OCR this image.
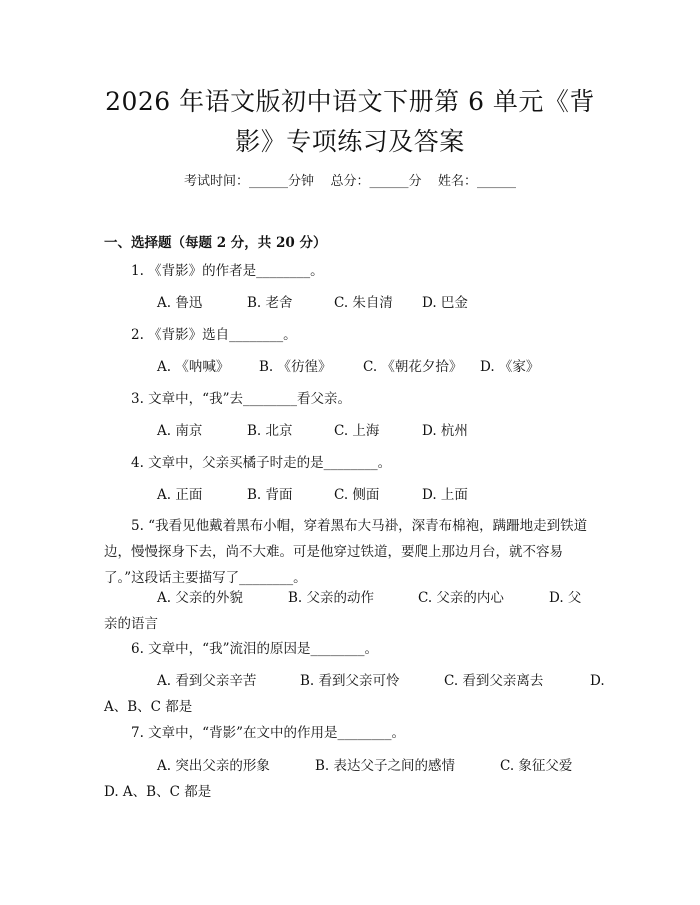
2026 年语文版初中语文下册第 6 单元《背
影》专项练习及答案
考试时间：______分钟    总分：______分    姓名：______
一、选择题（每题 2 分，共 20 分）
1. 《背影》的作者是________。
A. 鲁迅	B. 老舍	C. 朱自清 D. 巴金
2. 《背影》选自________。
A. 《呐喊》 B. 《彷徨》 C. 《朝花夕拾》 D. 《家》
3. 文章中，“我”去________看父亲。
A. 南京	B. 北京	C. 上海	D. 杭州
4. 文章中，父亲买橘子时走的是________。
A. 正面	B. 背面	C. 侧面	D. 上面
5. “我看见他戴着黑布小帽，穿着黑布大马褂，深青布棉袍，蹒跚地走到铁道边，慢慢探身下去，尚不大难。可是他穿过铁道，要爬上那边月台，就不容易了。”这段话主要描写了________。
A. 父亲的外貌	B. 父亲的动作	C. 父亲的内心	D. 父
亲的语言
6. 文章中，“我”流泪的原因是________。
A. 看到父亲辛苦	B. 看到父亲可怜	C. 看到父亲离去	D.
A、B、C 都是
7. 文章中，“背影”在文中的作用是________。
A. 突出父亲的形象	B. 表达父子之间的感情	C. 象征父爱
D. A、B、C 都是
